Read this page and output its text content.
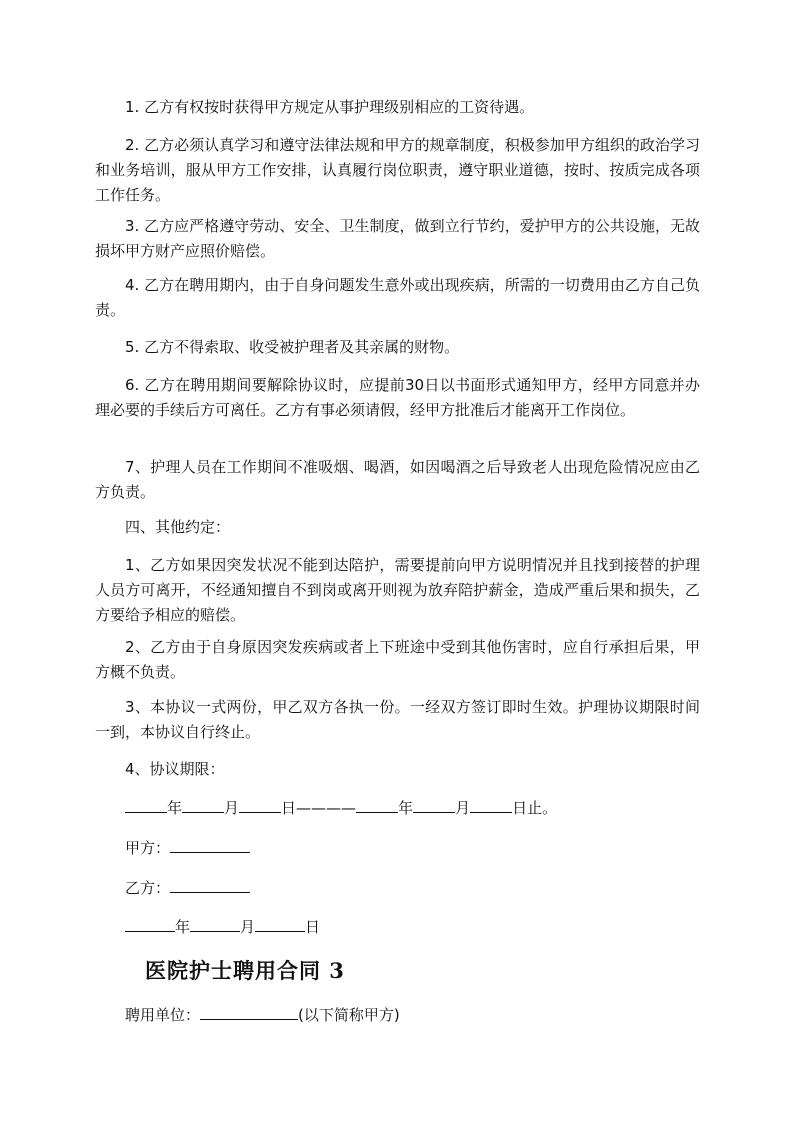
1. 乙方有权按时获得甲方规定从事护理级别相应的工资待遇。

2. 乙方必须认真学习和遵守法律法规和甲方的规章制度，积极参加甲方组织的政治学习和业务培训，服从甲方工作安排，认真履行岗位职责，遵守职业道德，按时、按质完成各项工作任务。

3. 乙方应严格遵守劳动、安全、卫生制度，做到立行节约，爱护甲方的公共设施，无故损坏甲方财产应照价赔偿。

4. 乙方在聘用期内，由于自身问题发生意外或出现疾病，所需的一切费用由乙方自己负责。

5. 乙方不得索取、收受被护理者及其亲属的财物。

6. 乙方在聘用期间要解除协议时，应提前30日以书面形式通知甲方，经甲方同意并办理必要的手续后方可离任。乙方有事必须请假，经甲方批准后才能离开工作岗位。

7、护理人员在工作期间不准吸烟、喝酒，如因喝酒之后导致老人出现危险情况应由乙方负责。

四、其他约定：

1、乙方如果因突发状况不能到达陪护，需要提前向甲方说明情况并且找到接替的护理人员方可离开，不经通知擅自不到岗或离开则视为放弃陪护薪金，造成严重后果和损失，乙方要给予相应的赔偿。

2、乙方由于自身原因突发疾病或者上下班途中受到其他伤害时，应自行承担后果，甲方概不负责。

3、本协议一式两份，甲乙双方各执一份。一经双方签订即时生效。护理协议期限时间一到，本协议自行终止。

4、协议期限：

年	月	日————	年	月	日止。
甲方：
乙方：
年	月	日
医院护士聘用合同 3
聘用单位：	(以下简称甲方)
